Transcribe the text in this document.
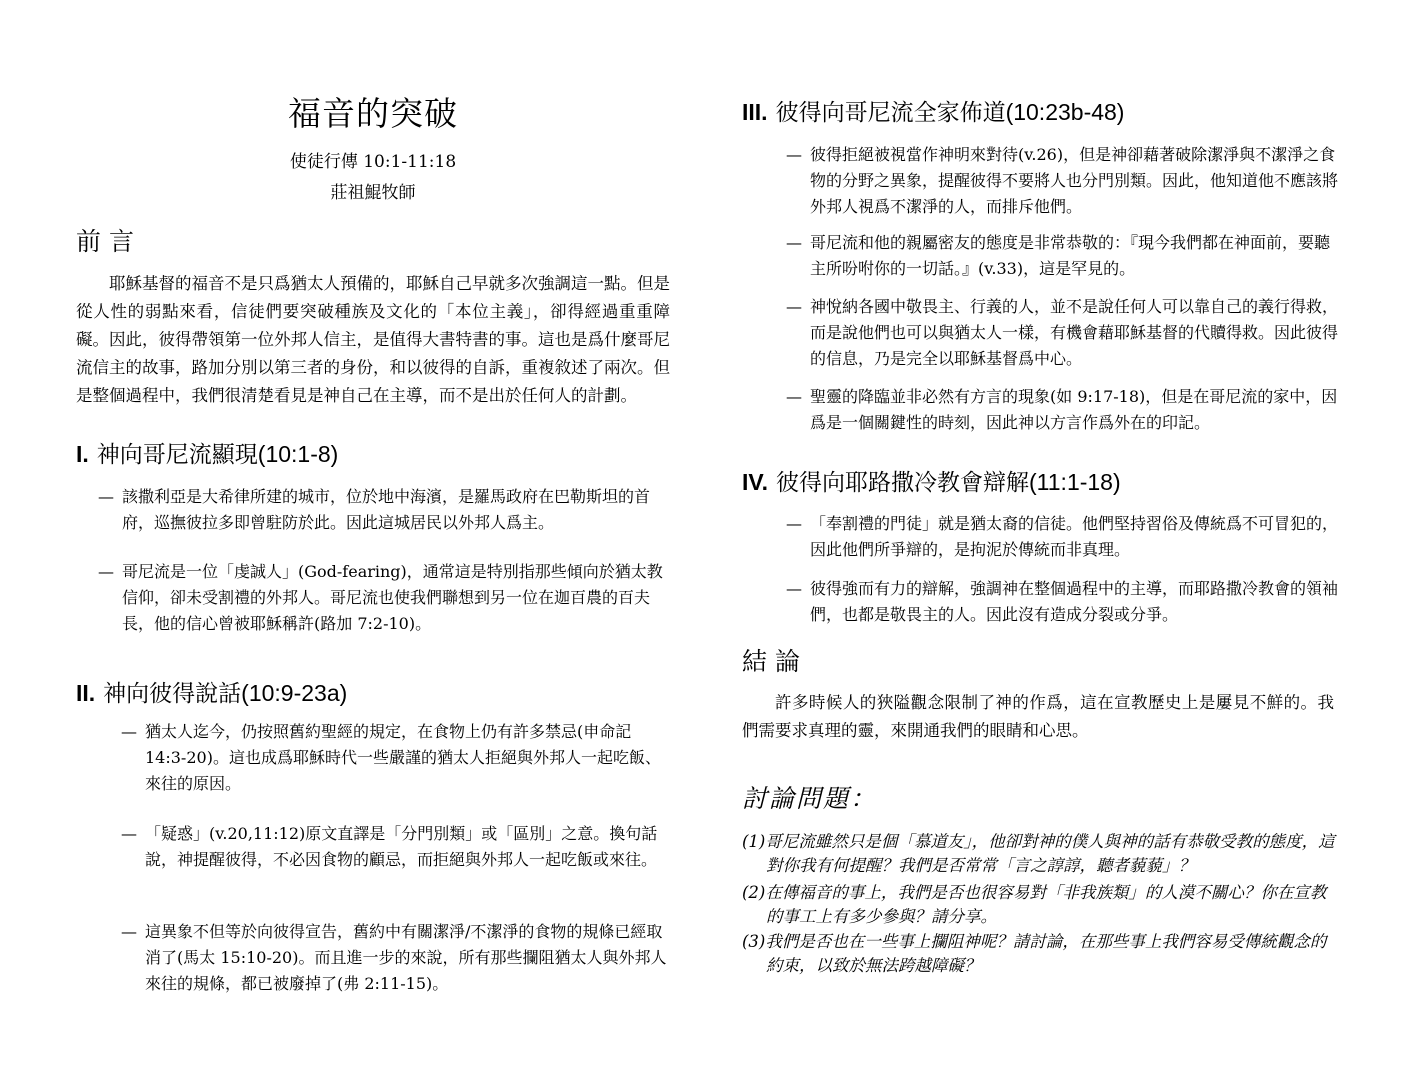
福音的突破
使徒行傳 10:1-11:18
莊祖鯤牧師
前言
耶穌基督的福音不是只爲猶太人預備的，耶穌自己早就多次強調這一點。但是從人性的弱點來看，信徒們要突破種族及文化的「本位主義」，卻得經過重重障礙。因此，彼得帶領第一位外邦人信主，是值得大書特書的事。這也是爲什麼哥尼流信主的故事，路加分別以第三者的身份，和以彼得的自訴，重複敘述了兩次。但是整個過程中，我們很清楚看見是神自己在主導，而不是出於任何人的計劃。
I. 神向哥尼流顯現(10:1-8)
— 該撒利亞是大希律所建的城市，位於地中海濱，是羅馬政府在巴勒斯坦的首府，巡撫彼拉多即曾駐防於此。因此這城居民以外邦人爲主。
— 哥尼流是一位「虔誠人」(God-fearing)，通常這是特別指那些傾向於猶太教信仰，卻未受割禮的外邦人。哥尼流也使我們聯想到另一位在迦百農的百夫長，他的信心曾被耶穌稱許(路加 7:2-10)。
II. 神向彼得說話(10:9-23a)
— 猶太人迄今，仍按照舊約聖經的規定，在食物上仍有許多禁忌(申命記 14:3-20)。這也成爲耶穌時代一些嚴謹的猶太人拒絕與外邦人一起吃飯、來往的原因。
— 「疑惑」(v.20,11:12)原文直譯是「分門別類」或「區別」之意。換句話說，神提醒彼得，不必因食物的顧忌，而拒絕與外邦人一起吃飯或來往。
— 這異象不但等於向彼得宣告，舊約中有關潔淨/不潔淨的食物的規條已經取消了(馬太 15:10-20)。而且進一步的來說，所有那些攔阻猶太人與外邦人來往的規條，都已被廢掉了(弗 2:11-15)。
III. 彼得向哥尼流全家佈道(10:23b-48)
— 彼得拒絕被視當作神明來對待(v.26)，但是神卻藉著破除潔淨與不潔淨之食物的分野之異象，提醒彼得不要將人也分門別類。因此，他知道他不應該將外邦人視爲不潔淨的人，而排斥他們。
— 哥尼流和他的親屬密友的態度是非常恭敬的：『現今我們都在神面前，要聽主所吩咐你的一切話。』(v.33)，這是罕見的。
— 神悅納各國中敬畏主、行義的人，並不是說任何人可以靠自己的義行得救，而是說他們也可以與猶太人一樣，有機會藉耶穌基督的代贖得救。因此彼得的信息，乃是完全以耶穌基督爲中心。
— 聖靈的降臨並非必然有方言的現象(如 9:17-18)，但是在哥尼流的家中，因爲是一個關鍵性的時刻，因此神以方言作爲外在的印記。
IV. 彼得向耶路撒冷教會辯解(11:1-18)
— 「奉割禮的門徒」就是猶太裔的信徒。他們堅持習俗及傳統爲不可冒犯的，因此他們所爭辯的，是拘泥於傳統而非真理。
— 彼得強而有力的辯解，強調神在整個過程中的主導，而耶路撒冷教會的領袖們，也都是敬畏主的人。因此沒有造成分裂或分爭。
結論
許多時候人的狹隘觀念限制了神的作爲，這在宣教歷史上是屢見不鮮的。我們需要求真理的靈，來開通我們的眼睛和心思。
討論問題：
(1)哥尼流雖然只是個「慕道友」，他卻對神的僕人與神的話有恭敬受教的態度，這對你我有何提醒？我們是否常常「言之諄諄，聽者藐藐」？
(2)在傳福音的事上，我們是否也很容易對「非我族類」的人漠不關心？你在宣教的事工上有多少參與？請分享。
(3)我們是否也在一些事上攔阻神呢？請討論，在那些事上我們容易受傳統觀念的約束，以致於無法跨越障礙？
